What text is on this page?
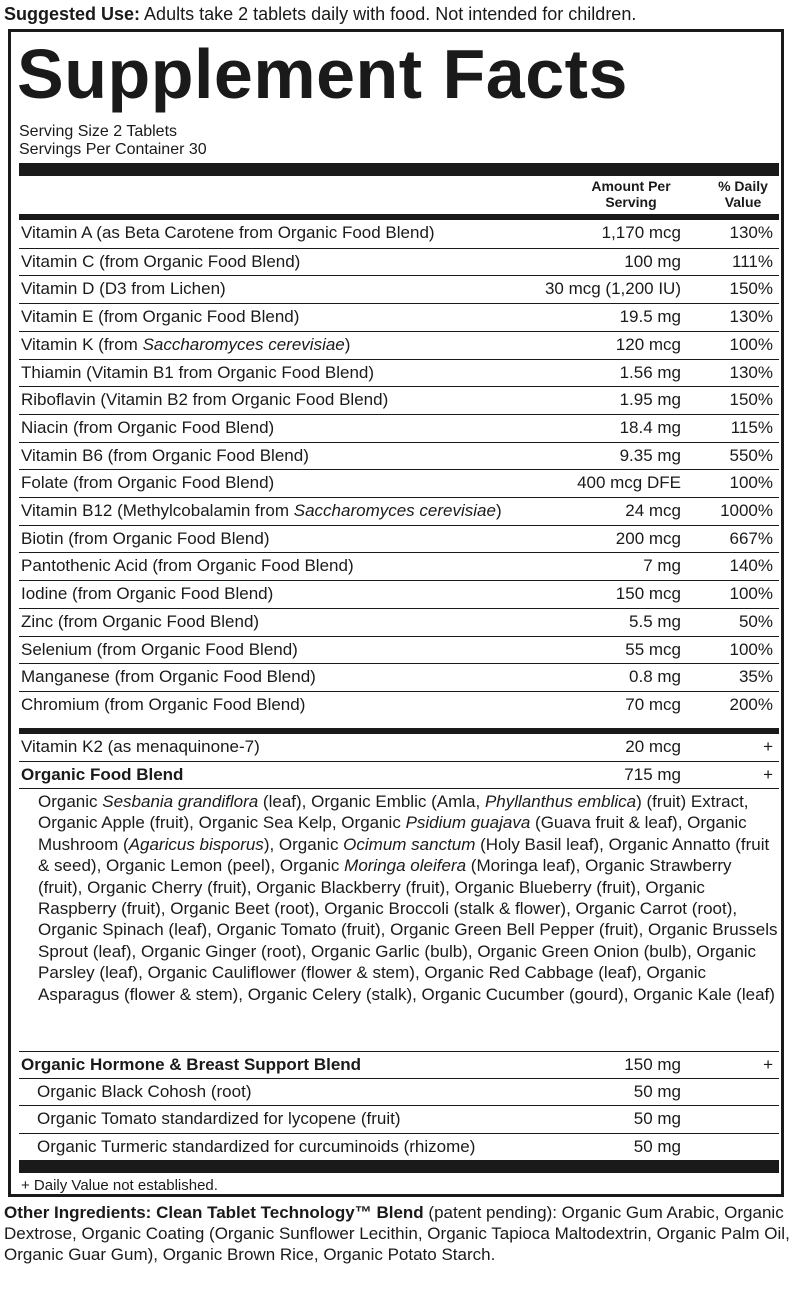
Suggested Use: Adults take 2 tablets daily with food. Not intended for children.
Supplement Facts
Serving Size 2 Tablets
Servings Per Container 30
Amount Per
Serving
% Daily
Value
Vitamin A (as Beta Carotene from Organic Food Blend)	1,170 mcg	130%
Vitamin C (from Organic Food Blend)	100 mg	111%
Vitamin D (D3 from Lichen)	30 mcg (1,200 IU)	150%
Vitamin E (from Organic Food Blend)	19.5 mg	130%
Vitamin K (from Saccharomyces cerevisiae)	120 mcg	100%
Thiamin (Vitamin B1 from Organic Food Blend)	1.56 mg	130%
Riboflavin (Vitamin B2 from Organic Food Blend)	1.95 mg	150%
Niacin (from Organic Food Blend)	18.4 mg	115%
Vitamin B6 (from Organic Food Blend)	9.35 mg	550%
Folate (from Organic Food Blend)	400 mcg DFE	100%
Vitamin B12 (Methylcobalamin from Saccharomyces cerevisiae)	24 mcg 1000%
Biotin (from Organic Food Blend)	200 mcg	667%
Pantothenic Acid (from Organic Food Blend)	7 mg	140%
Iodine (from Organic Food Blend)	150 mcg	100%
Zinc (from Organic Food Blend)	5.5 mg	50%
Selenium (from Organic Food Blend)	55 mcg	100%
Manganese (from Organic Food Blend)	0.8 mg	35%
Chromium (from Organic Food Blend)	70 mcg	200%
Vitamin K2 (as menaquinone-7)	20 mcg	+
Organic Food Blend	715 mg	+
Organic Sesbania grandiflora (leaf), Organic Emblic (Amla, Phyllanthus emblica) (fruit) Extract, Organic Apple (fruit), Organic Sea Kelp, Organic Psidium guajava (Guava fruit & leaf), Organic Mushroom (Agaricus bisporus), Organic Ocimum sanctum (Holy Basil leaf), Organic Annatto (fruit & seed), Organic Lemon (peel), Organic Moringa oleifera (Moringa leaf), Organic Strawberry (fruit), Organic Cherry (fruit), Organic Blackberry (fruit), Organic Blueberry (fruit), Organic Raspberry (fruit), Organic Beet (root), Organic Broccoli (stalk & flower), Organic Carrot (root), Organic Spinach (leaf), Organic Tomato (fruit), Organic Green Bell Pepper (fruit), Organic Brussels Sprout (leaf), Organic Ginger (root), Organic Garlic (bulb), Organic Green Onion (bulb), Organic Parsley (leaf), Organic Cauliflower (flower & stem), Organic Red Cabbage (leaf), Organic Asparagus (flower & stem), Organic Celery (stalk), Organic Cucumber (gourd), Organic Kale (leaf)
Organic Hormone & Breast Support Blend	150 mg	+
Organic Black Cohosh (root)	50 mg
Organic Tomato standardized for lycopene (fruit)	50 mg
Organic Turmeric standardized for curcuminoids (rhizome)	50 mg
+ Daily Value not established.
Other Ingredients: Clean Tablet Technology™ Blend (patent pending): Organic Gum Arabic, Organic Dextrose, Organic Coating (Organic Sunflower Lecithin, Organic Tapioca Maltodextrin, Organic Palm Oil, Organic Guar Gum), Organic Brown Rice, Organic Potato Starch.
